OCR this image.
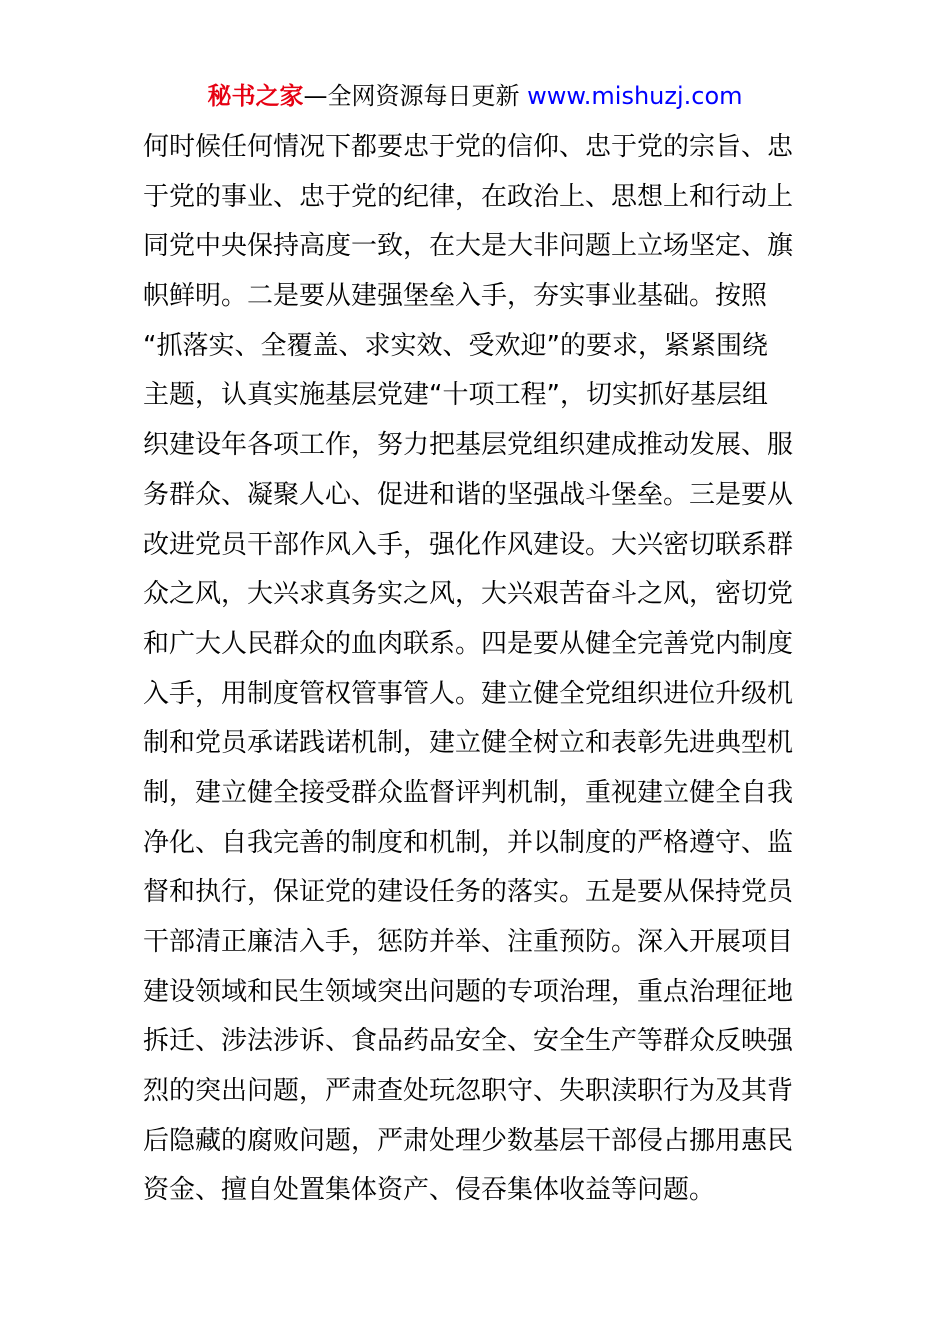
秘书之家—全网资源每日更新 www.mishuzj.com
何时候任何情况下都要忠于党的信仰、忠于党的宗旨、忠
于党的事业、忠于党的纪律，在政治上、思想上和行动上
同党中央保持高度一致，在大是大非问题上立场坚定、旗
帜鲜明。二是要从建强堡垒入手，夯实事业基础。按照
“抓落实、全覆盖、求实效、受欢迎”的要求，紧紧围绕
主题，认真实施基层党建“十项工程”，切实抓好基层组
织建设年各项工作，努力把基层党组织建成推动发展、服
务群众、凝聚人心、促进和谐的坚强战斗堡垒。三是要从
改进党员干部作风入手，强化作风建设。大兴密切联系群
众之风，大兴求真务实之风，大兴艰苦奋斗之风，密切党
和广大人民群众的血肉联系。四是要从健全完善党内制度
入手，用制度管权管事管人。建立健全党组织进位升级机
制和党员承诺践诺机制，建立健全树立和表彰先进典型机
制，建立健全接受群众监督评判机制，重视建立健全自我
净化、自我完善的制度和机制，并以制度的严格遵守、监
督和执行，保证党的建设任务的落实。五是要从保持党员
干部清正廉洁入手，惩防并举、注重预防。深入开展项目
建设领域和民生领域突出问题的专项治理，重点治理征地
拆迁、涉法涉诉、食品药品安全、安全生产等群众反映强
烈的突出问题，严肃查处玩忽职守、失职渎职行为及其背
后隐藏的腐败问题，严肃处理少数基层干部侵占挪用惠民
资金、擅自处置集体资产、侵吞集体收益等问题。
